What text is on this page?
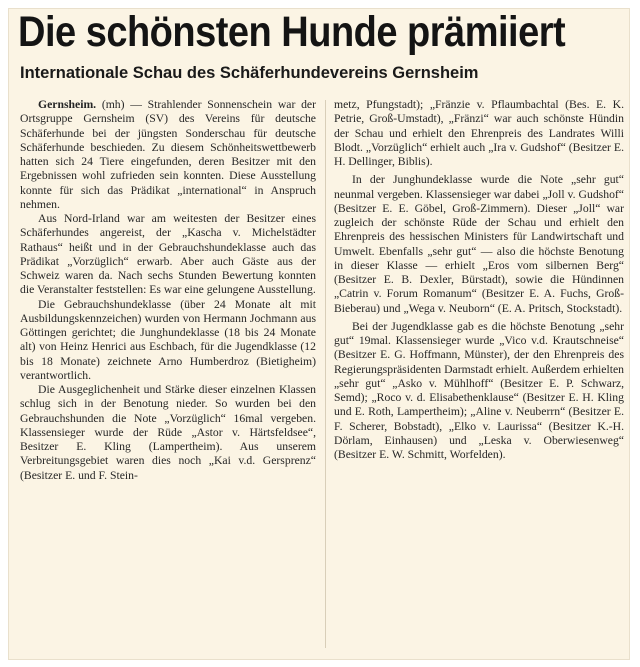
Die schönsten Hunde prämiiert
Internationale Schau des Schäferhundevereins Gernsheim

Gernsheim. (mh) — Strahlender Sonnenschein war der Ortsgruppe Gernsheim (SV) des Vereins für deutsche Schäferhunde bei der jüngsten Sonderschau für deutsche Schäferhunde beschieden. Zu diesem Schönheitswettbewerb hatten sich 24 Tiere eingefunden, deren Besitzer mit den Ergebnissen wohl zufrieden sein konnten. Diese Ausstellung konnte für sich das Prädikat „international“ in Anspruch nehmen.

Aus Nord-Irland war am weitesten der Besitzer eines Schäferhundes angereist, der „Kascha v. Michelstädter Rathaus“ heißt und in der Gebrauchshundeklasse auch das Prädikat „Vorzüglich“ erwarb. Aber auch Gäste aus der Schweiz waren da. Nach sechs Stunden Bewertung konnten die Veranstalter feststellen: Es war eine gelungene Ausstellung.

Die Gebrauchshundeklasse (über 24 Monate alt mit Ausbildungskennzeichen) wurden von Hermann Jochmann aus Göttingen gerichtet; die Junghundeklasse (18 bis 24 Monate alt) von Heinz Henrici aus Eschbach, für die Jugendklasse (12 bis 18 Monate) zeichnete Arno Humberdroz (Bietigheim) verantwortlich.

Die Ausgeglichenheit und Stärke dieser einzelnen Klassen schlug sich in der Benotung nieder. So wurden bei den Gebrauchshunden die Note „Vorzüglich“ 16mal vergeben. Klassensieger wurde der Rüde „Astor v. Härtsfeldsee“, Besitzer E. Kling (Lampertheim). Aus unserem Verbreitungsgebiet waren dies noch „Kai v.d. Gersprenz“ (Besitzer E. und F. Stein-

metz, Pfungstadt); „Fränzie v. Pflaumbachtal (Bes. E. K. Petrie, Groß-Umstadt), „Fränzi“ war auch schönste Hündin der Schau und erhielt den Ehrenpreis des Landrates Willi Blodt. „Vorzüglich“ erhielt auch „Ira v. Gudshof“ (Besitzer E. H. Dellinger, Biblis).

In der Junghundeklasse wurde die Note „sehr gut“ neunmal vergeben. Klassensieger war dabei „Joll v. Gudshof“ (Besitzer E. E. Göbel, Groß-Zimmern). Dieser „Joll“ war zugleich der schönste Rüde der Schau und erhielt den Ehrenpreis des hessischen Ministers für Landwirtschaft und Umwelt. Ebenfalls „sehr gut“ — also die höchste Benotung in dieser Klasse — erhielt „Eros vom silbernen Berg“ (Besitzer E. B. Dexler, Bürstadt), sowie die Hündinnen „Catrin v. Forum Romanum“ (Besitzer E. A. Fuchs, Groß-Bieberau) und „Wega v. Neuborn“ (E. A. Pritsch, Stockstadt).

Bei der Jugendklasse gab es die höchste Benotung „sehr gut“ 19mal. Klassensieger wurde „Vico v.d. Krautschneise“ (Besitzer E. G. Hoffmann, Münster), der den Ehrenpreis des Regierungspräsidenten Darmstadt erhielt. Außerdem erhielten „sehr gut“ „Asko v. Mühlhoff“ (Besitzer E. P. Schwarz, Semd); „Roco v. d. Elisabethenklause“ (Besitzer E. H. Kling und E. Roth, Lampertheim); „Aline v. Neuberrn“ (Besitzer E. F. Scherer, Bobstadt), „Elko v. Laurissa“ (Besitzer K.-H. Dörlam, Einhausen) und „Leska v. Oberwiesenweg“ (Besitzer E. W. Schmitt, Worfelden).
